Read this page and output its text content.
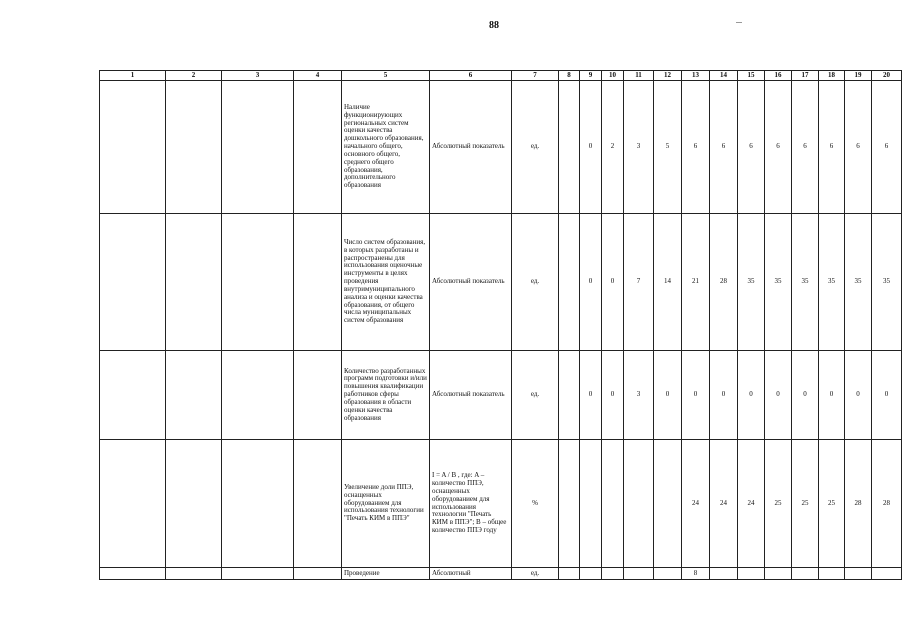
88
1	2	3	4	5	6	7	8	9	10	11	12	13	14	15	16	17	18	19	20
				Наличие функционирующих региональных систем оценки качества дошкольного образования, начального общего, основного общего, среднего общего образования, дополнительного образования	Абсолютный показатель	ед.		0	2	3	5	6	6	6	6	6	6	6	6
				Число систем образования, в которых разработаны и распространены для использования оценочные инструменты в целях проведения внутримуниципального анализа и оценки качества образования, от общего числа муниципальных систем образования	Абсолютный показатель	ед.		0	0	7	14	21	28	35	35	35	35	35	35
				Количество разработанных программ подготовки и/или повышения квалификации работников сферы образования в области оценки качества образования	Абсолютный показатель	ед.		0	0	3	0	0	0	0	0	0	0	0	0
				Увеличение доли ППЭ, оснащенных оборудованием для использования технологии "Печать КИМ в ППЭ"	I = A / B , где: A –количество ППЭ, оснащенных оборудованием для использования технологии "Печать КИМ в ППЭ"; B – общее количество ППЭ году	%						24	24	24	25	25	25	28	28
				Проведение	Абсолютный	ед.						8							
